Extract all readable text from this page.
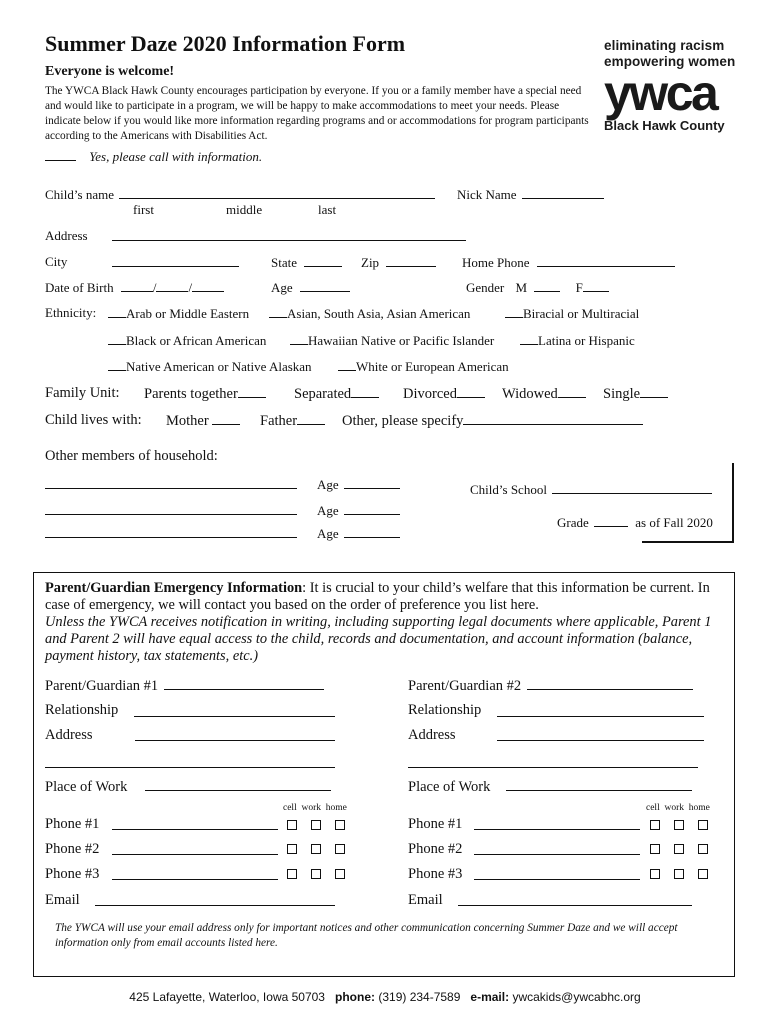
Summer Daze 2020 Information Form
Everyone is welcome!
The YWCA Black Hawk County encourages participation by everyone. If you or a family member have a special need and would like to participate in a program, we will be happy to make accommodations to meet your needs. Please indicate below if you would like more information regarding programs and or accommodations for program participants according to the Americans with Disabilities Act.
Yes, please call with information.
eliminating racism
empowering women
ywca
Black Hawk County
Child’s name	Nick Name
first	middle	last
Address
City	State	Zip	Home Phone
Date of Birth	/ /	Age	Gender M	F
Ethnicity:	Arab or Middle Eastern	Asian, South Asia, Asian American	Biracial or Multiracial
Black or African American	Hawaiian Native or Pacific Islander	Latina or Hispanic
Native American or Native Alaskan	White or European American
Family Unit: Parents together	Separated	Divorced	Widowed	Single
Child lives with: Mother	Father	Other, please specify
Other members of household:
Age
Age
Age
Child’s School
Grade	as of Fall 2020
Parent/Guardian Emergency Information: It is crucial to your child’s welfare that this information be current. In case of emergency, we will contact you based on the order of preference you list here.
Unless the YWCA receives notification in writing, including supporting legal documents where applicable, Parent 1 and Parent 2 will have equal access to the child, records and documentation, and account information (balance, payment history, tax statements, etc.)
Parent/Guardian #1
Relationship
Address
Place of Work
cell work home
Phone #1
Phone #2
Phone #3
Email
Parent/Guardian #2
Relationship
Address
Place of Work
cell work home
Phone #1
Phone #2
Phone #3
Email
The YWCA will use your email address only for important notices and other communication concerning Summer Daze and we will accept information only from email accounts listed here.
425 Lafayette, Waterloo, Iowa 50703 phone: (319) 234-7589 e-mail: ywcakids@ywcabhc.org
